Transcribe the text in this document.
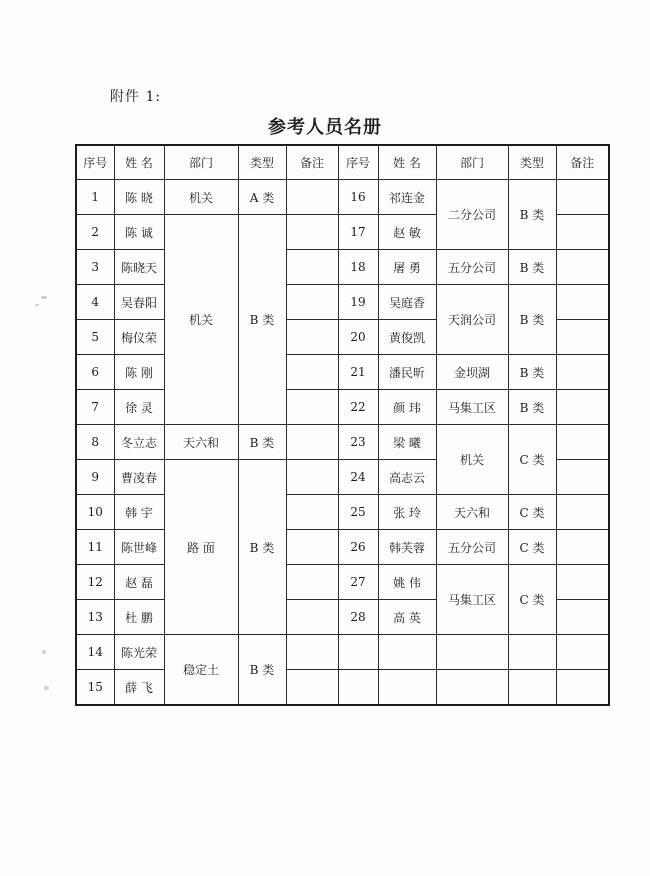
附件 1:
参考人员名册
序号	姓 名	部门	类型	备注	序号	姓 名	部门	类型	备注
1	陈 晓	机关	A 类		16	祁连金	二分公司	B 类	
2	陈 诚	机关	B 类		17	赵 敏			
3	陈晓天				18	屠 勇	五分公司	B 类	
4	吴春阳				19	吴庭香	天润公司	B 类	
5	梅仪荣				20	黄俊凯			
6	陈 刚				21	潘民昕	金坝湖	B 类	
7	徐 灵				22	颜 玮	马集工区	B 类	
8	冬立志	天六和	B 类		23	梁 曦	机关	C 类	
9	曹凌春	路 面	B 类		24	高志云			
10	韩 宇				25	张 玲	天六和	C 类	
11	陈世峰				26	韩芙蓉	五分公司	C 类	
12	赵 磊				27	姚 伟	马集工区	C 类	
13	杜 鹏				28	高 英			
14	陈光荣	稳定土	B 类						
15	薛 飞								
